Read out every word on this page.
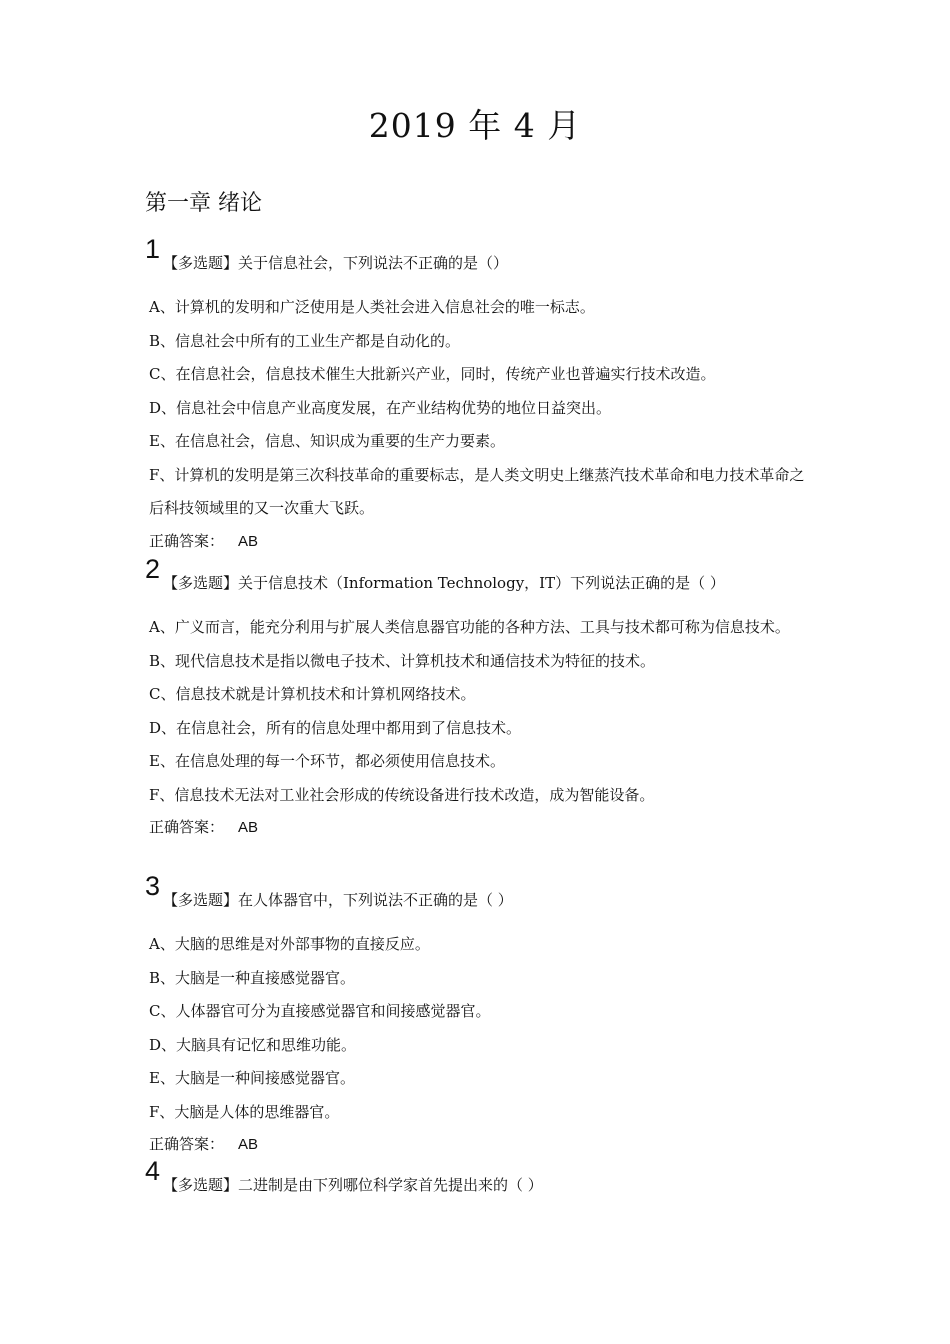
2019 年 4 月
第一章 绪论
1 【多选题】关于信息社会，下列说法不正确的是（）
A、计算机的发明和广泛使用是人类社会进入信息社会的唯一标志。
B、信息社会中所有的工业生产都是自动化的。
C、在信息社会，信息技术催生大批新兴产业，同时，传统产业也普遍实行技术改造。
D、信息社会中信息产业高度发展，在产业结构优势的地位日益突出。
E、在信息社会，信息、知识成为重要的生产力要素。
F、计算机的发明是第三次科技革命的重要标志，是人类文明史上继蒸汽技术革命和电力技术革命之后科技领域里的又一次重大飞跃。
正确答案： AB
2 【多选题】关于信息技术（Information Technology，IT）下列说法正确的是（ ）
A、广义而言，能充分利用与扩展人类信息器官功能的各种方法、工具与技术都可称为信息技术。
B、现代信息技术是指以微电子技术、计算机技术和通信技术为特征的技术。
C、信息技术就是计算机技术和计算机网络技术。
D、在信息社会，所有的信息处理中都用到了信息技术。
E、在信息处理的每一个环节，都必须使用信息技术。
F、信息技术无法对工业社会形成的传统设备进行技术改造，成为智能设备。
正确答案： AB
3 【多选题】在人体器官中，下列说法不正确的是（ ）
A、大脑的思维是对外部事物的直接反应。
B、大脑是一种直接感觉器官。
C、人体器官可分为直接感觉器官和间接感觉器官。
D、大脑具有记忆和思维功能。
E、大脑是一种间接感觉器官。
F、大脑是人体的思维器官。
正确答案： AB
4 【多选题】二进制是由下列哪位科学家首先提出来的（ ）
